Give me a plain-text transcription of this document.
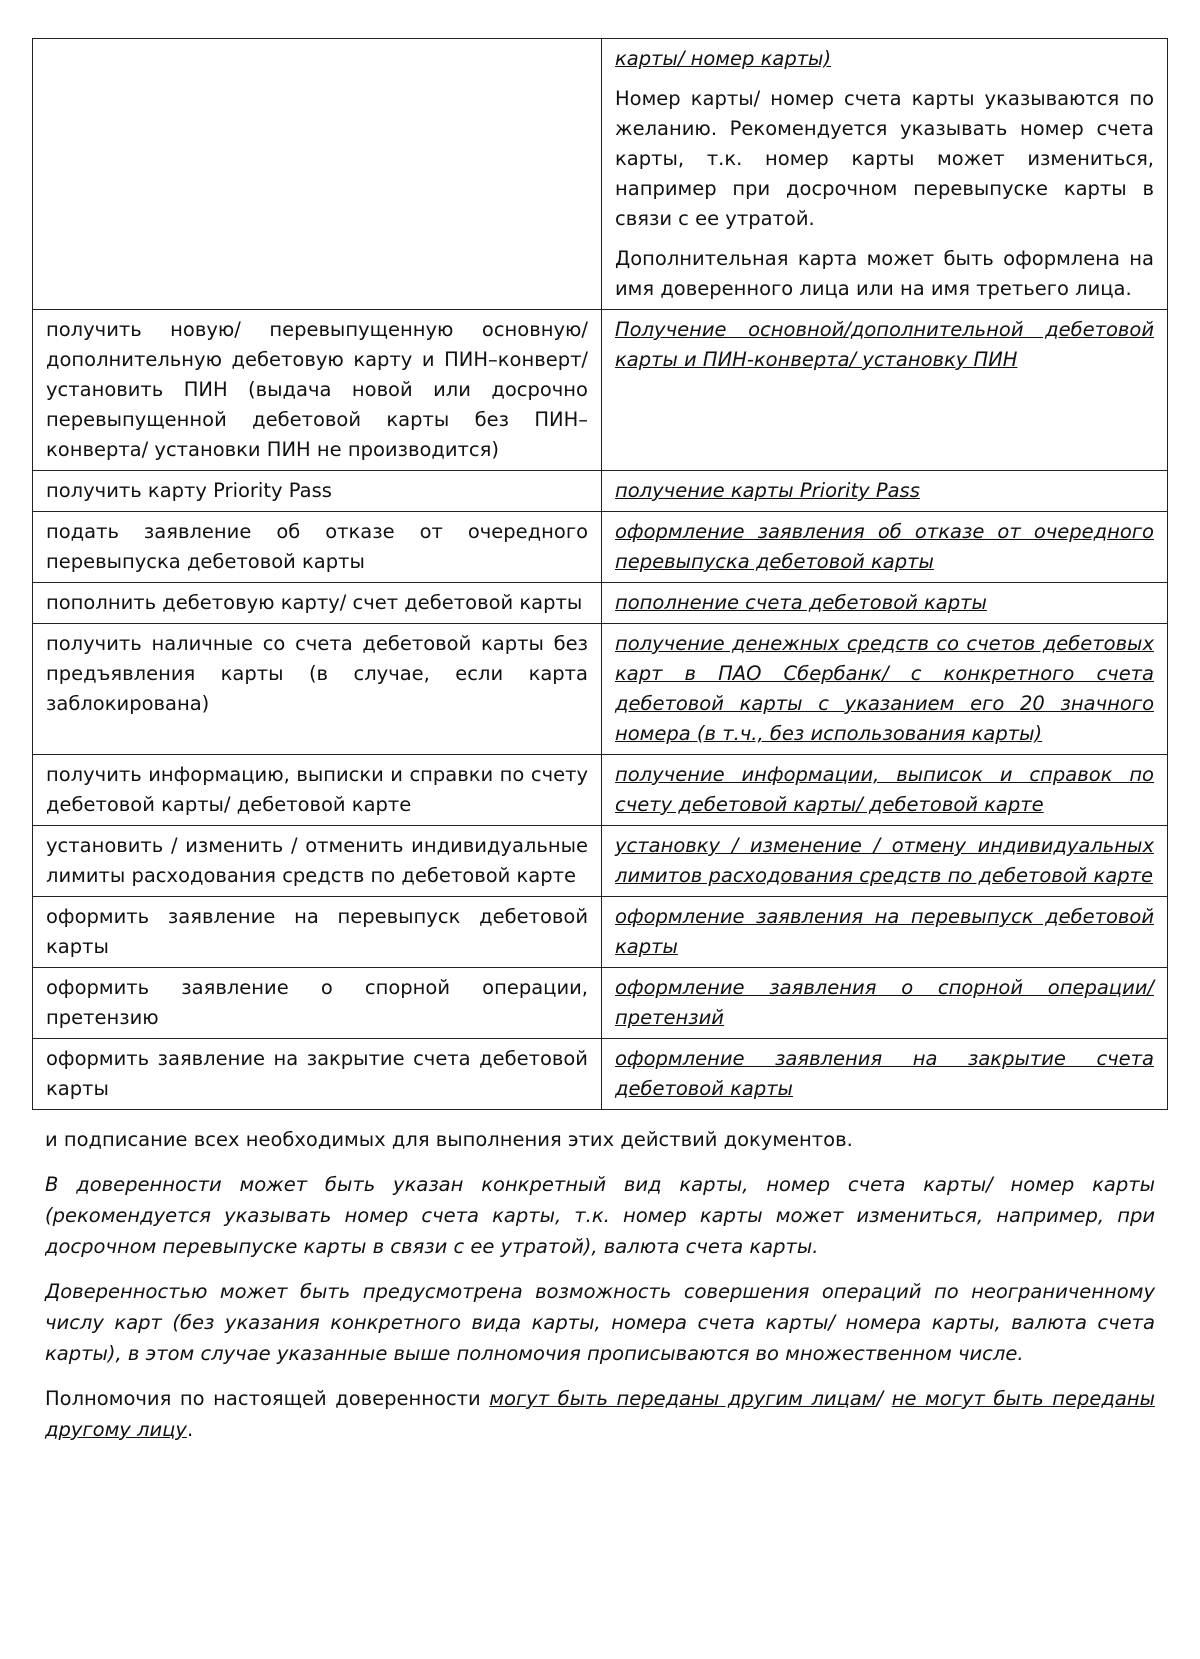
	карты/ номер карты)

Номер карты/ номер счета карты указываются по желанию. Рекомендуется указывать номер счета карты, т.к. номер карты может измениться, например при досрочном перевыпуске карты в связи с ее утратой.

Дополнительная карта может быть оформлена на имя доверенного лица или на имя третьего лица.

получить новую/ перевыпущенную основную/ дополнительную дебетовую карту и ПИН–конверт/ установить ПИН (выдача новой или досрочно перевыпущенной дебетовой карты без ПИН–конверта/ установки ПИН не производится)	Получение основной/дополнительной дебетовой карты и ПИН-конверта/ установку ПИН
получить карту Priority Pass	получение карты Priority Pass
подать заявление об отказе от очередного перевыпуска дебетовой карты	оформление заявления об отказе от очередного перевыпуска дебетовой карты
пополнить дебетовую карту/ счет дебетовой карты	пополнение счета дебетовой карты
получить наличные со счета дебетовой карты без предъявления карты (в случае, если карта заблокирована)	получение денежных средств со счетов дебетовых карт в ПАО Сбербанк/ с конкретного счета дебетовой карты с указанием его 20 значного номера (в т.ч., без использования карты)
получить информацию, выписки и справки по счету дебетовой карты/ дебетовой карте	получение информации, выписок и справок по счету дебетовой карты/ дебетовой карте
установить / изменить / отменить индивидуальные лимиты расходования средств по дебетовой карте	установку / изменение / отмену индивидуальных лимитов расходования средств по дебетовой карте
оформить заявление на перевыпуск дебетовой карты	оформление заявления на перевыпуск дебетовой карты
оформить заявление о спорной операции, претензию	оформление заявления о спорной операции/ претензий
оформить заявление на закрытие счета дебетовой карты	оформление заявления на закрытие счета дебетовой карты

и подписание всех необходимых для выполнения этих действий документов.

В доверенности может быть указан конкретный вид карты, номер счета карты/ номер карты (рекомендуется указывать номер счета карты, т.к. номер карты может измениться, например, при досрочном перевыпуске карты в связи с ее утратой), валюта счета карты.

Доверенностью может быть предусмотрена возможность совершения операций по неограниченному числу карт (без указания конкретного вида карты, номера счета карты/ номера карты, валюта счета карты), в этом случае указанные выше полномочия прописываются во множественном числе.

Полномочия по настоящей доверенности могут быть переданы другим лицам/ не могут быть переданы другому лицу.
